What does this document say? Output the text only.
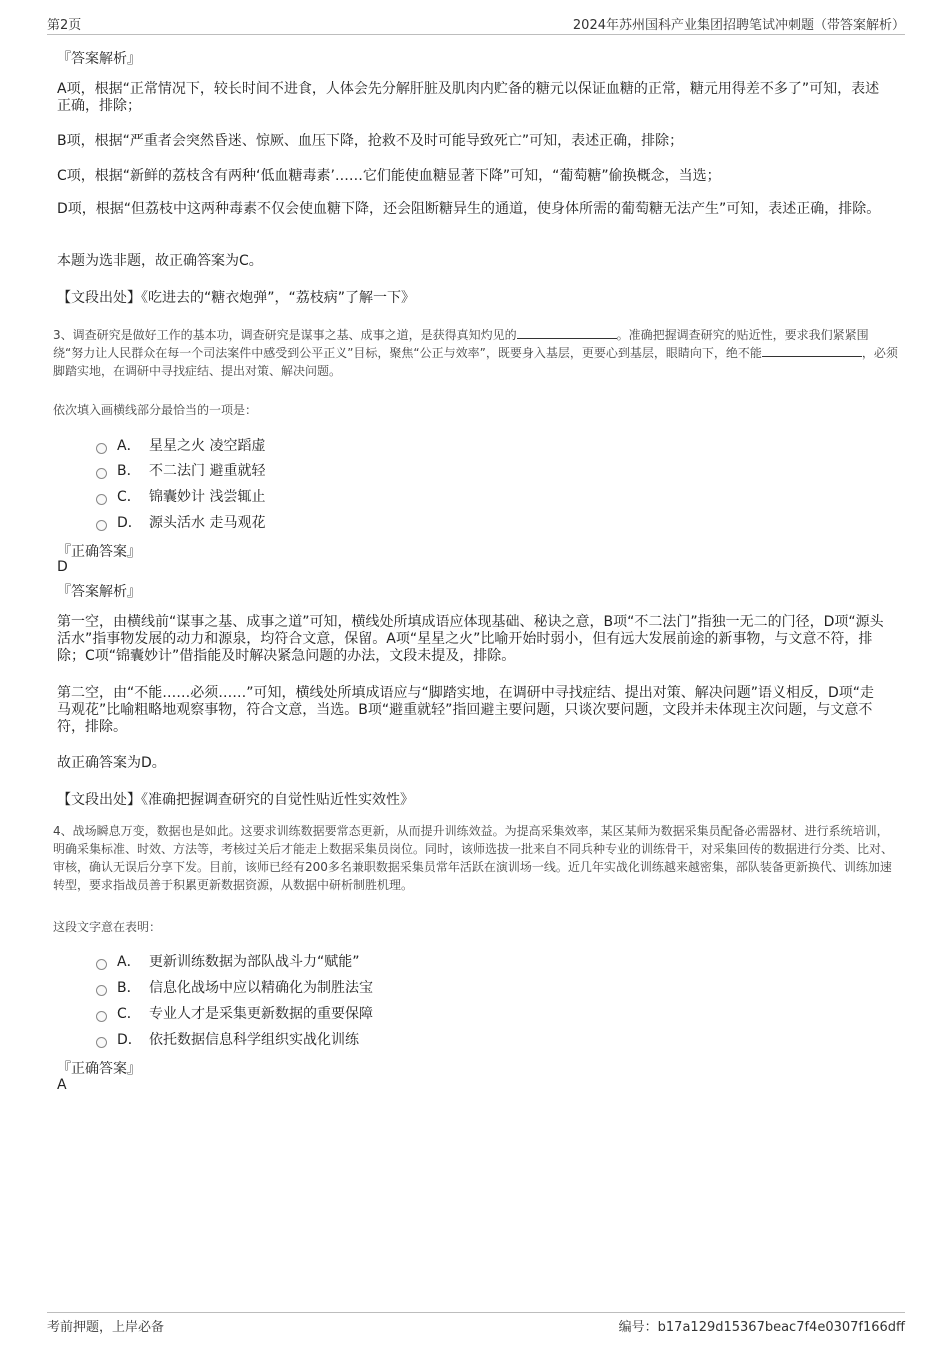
第2页	2024年苏州国科产业集团招聘笔试冲刺题（带答案解析）
『答案解析』
A项，根据“正常情况下，较长时间不进食，人体会先分解肝脏及肌肉内贮备的糖元以保证血糖的正常，糖元用得差不多了”可知，表述正确，排除；
B项，根据“严重者会突然昏迷、惊厥、血压下降，抢救不及时可能导致死亡”可知，表述正确，排除；
C项，根据“新鲜的荔枝含有两种‘低血糖毒素’……它们能使血糖显著下降”可知，“葡萄糖”偷换概念，当选；
D项，根据“但荔枝中这两种毒素不仅会使血糖下降，还会阻断糖异生的通道，使身体所需的葡萄糖无法产生”可知，表述正确，排除。
本题为选非题，故正确答案为C。
【文段出处】《吃进去的“糖衣炮弹”，“荔枝病”了解一下》
3、调查研究是做好工作的基本功，调查研究是谋事之基、成事之道，是获得真知灼见的	。准确把握调查研究的贴近性，要求我们紧紧围绕“努力让人民群众在每一个司法案件中感受到公平正义”目标，聚焦“公正与效率”，既要身入基层，更要心到基层，眼睛向下，绝不能	，必须脚踏实地，在调研中寻找症结、提出对策、解决问题。
依次填入画横线部分最恰当的一项是：
A． 星星之火 凌空蹈虚
B． 不二法门 避重就轻
C． 锦囊妙计 浅尝辄止
D． 源头活水 走马观花
『正确答案』
D
『答案解析』
第一空，由横线前“谋事之基、成事之道”可知，横线处所填成语应体现基础、秘诀之意，B项“不二法门”指独一无二的门径，D项“源头活水”指事物发展的动力和源泉，均符合文意，保留。A项“星星之火”比喻开始时弱小，但有远大发展前途的新事物，与文意不符，排除；C项“锦囊妙计”借指能及时解决紧急问题的办法，文段未提及，排除。
第二空，由“不能……必须……”可知，横线处所填成语应与“脚踏实地，在调研中寻找症结、提出对策、解决问题”语义相反，D项“走马观花”比喻粗略地观察事物，符合文意，当选。B项“避重就轻”指回避主要问题，只谈次要问题，文段并未体现主次问题，与文意不符，排除。
故正确答案为D。
【文段出处】《准确把握调查研究的自觉性贴近性实效性》
4、战场瞬息万变，数据也是如此。这要求训练数据要常态更新，从而提升训练效益。为提高采集效率，某区某师为数据采集员配备必需器材、进行系统培训，明确采集标准、时效、方法等，考核过关后才能走上数据采集员岗位。同时，该师选拔一批来自不同兵种专业的训练骨干，对采集回传的数据进行分类、比对、审核，确认无误后分享下发。目前，该师已经有200多名兼职数据采集员常年活跃在演训场一线。近几年实战化训练越来越密集，部队装备更新换代、训练加速转型，要求指战员善于积累更新数据资源，从数据中研析制胜机理。
这段文字意在表明：
A． 更新训练数据为部队战斗力“赋能”
B． 信息化战场中应以精确化为制胜法宝
C． 专业人才是采集更新数据的重要保障
D． 依托数据信息科学组织实战化训练
『正确答案』
A
考前押题，上岸必备	编号：b17a129d15367beac7f4e0307f166dff
